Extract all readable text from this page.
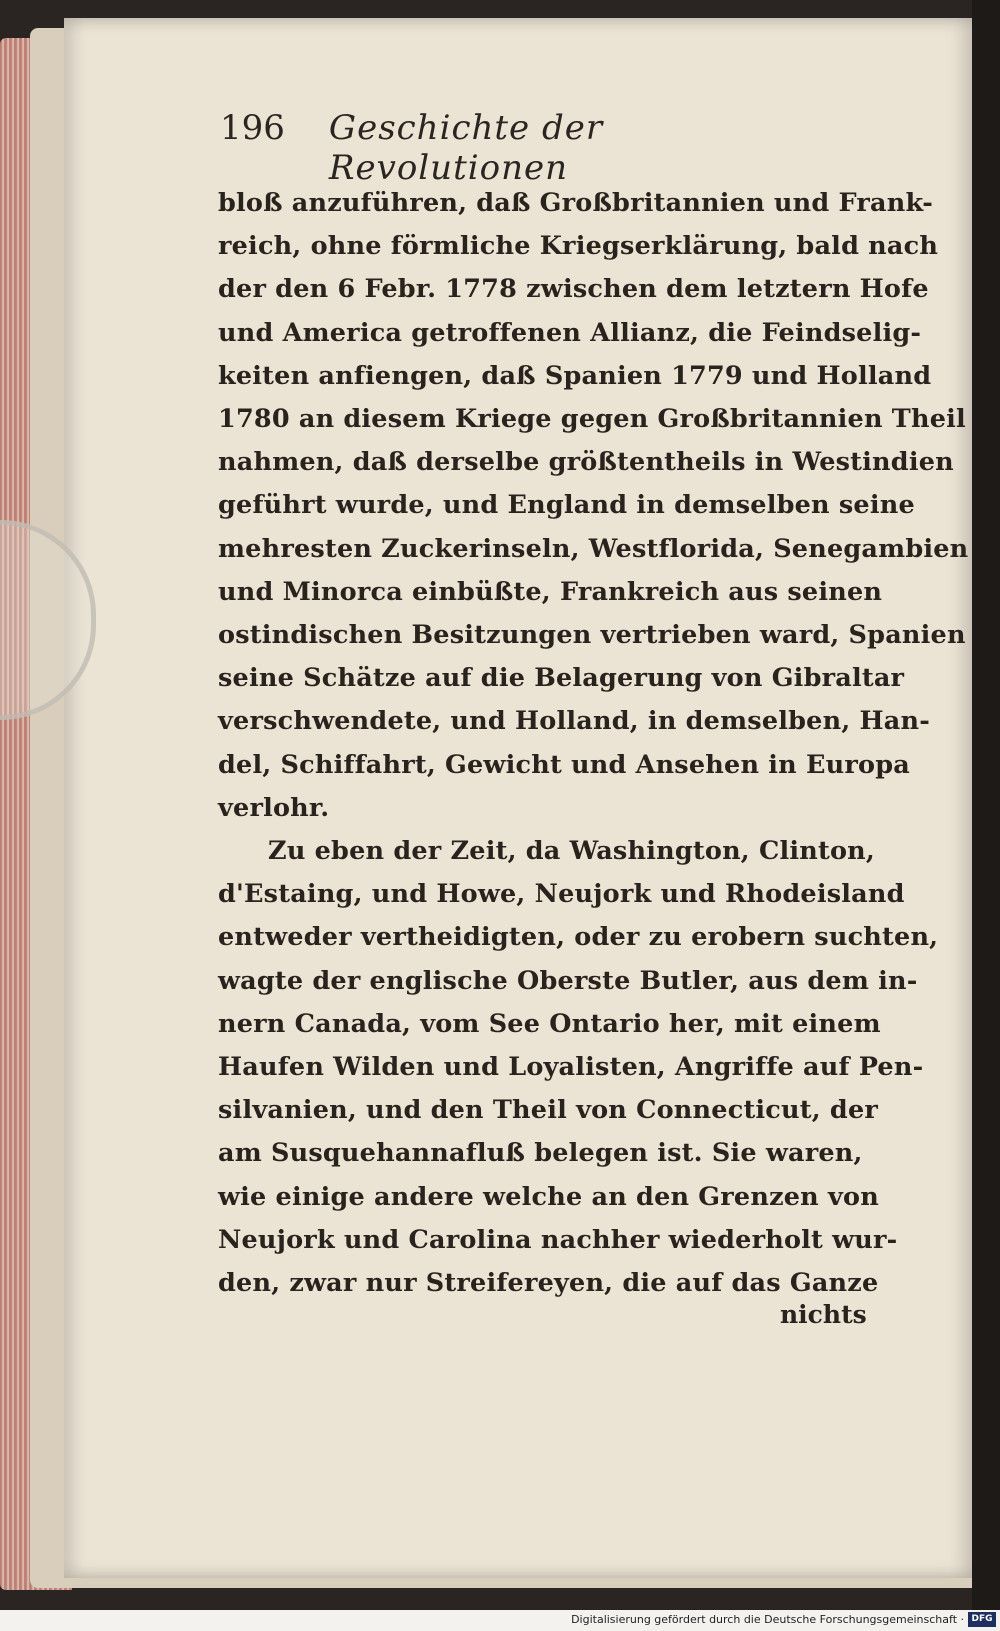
196 Geschichte der Revolutionen
bloß anzuführen, daß Großbritannien und Frank-
reich, ohne förmliche Kriegserklärung, bald nach
der den 6 Febr. 1778 zwischen dem letztern Hofe
und America getroffenen Allianz, die Feindselig-
keiten anfiengen, daß Spanien 1779 und Holland
1780 an diesem Kriege gegen Großbritannien Theil
nahmen, daß derselbe größtentheils in Westindien
geführt wurde, und England in demselben seine
mehresten Zuckerinseln, Westflorida, Senegambien
und Minorca einbüßte, Frankreich aus seinen
ostindischen Besitzungen vertrieben ward, Spanien
seine Schätze auf die Belagerung von Gibraltar
verschwendete, und Holland, in demselben, Han-
del, Schiffahrt, Gewicht und Ansehen in Europa
verlohr.
Zu eben der Zeit, da Washington, Clinton,
d'Estaing, und Howe, Neujork und Rhodeisland
entweder vertheidigten, oder zu erobern suchten,
wagte der englische Oberste Butler, aus dem in-
nern Canada, vom See Ontario her, mit einem
Haufen Wilden und Loyalisten, Angriffe auf Pen-
silvanien, und den Theil von Connecticut, der
am Susquehannafluß belegen ist. Sie waren,
wie einige andere welche an den Grenzen von
Neujork und Carolina nachher wiederholt wur-
den, zwar nur Streifereyen, die auf das Ganze
nichts
Digitalisierung gefördert durch die Deutsche Forschungsgemeinschaft · DFG
